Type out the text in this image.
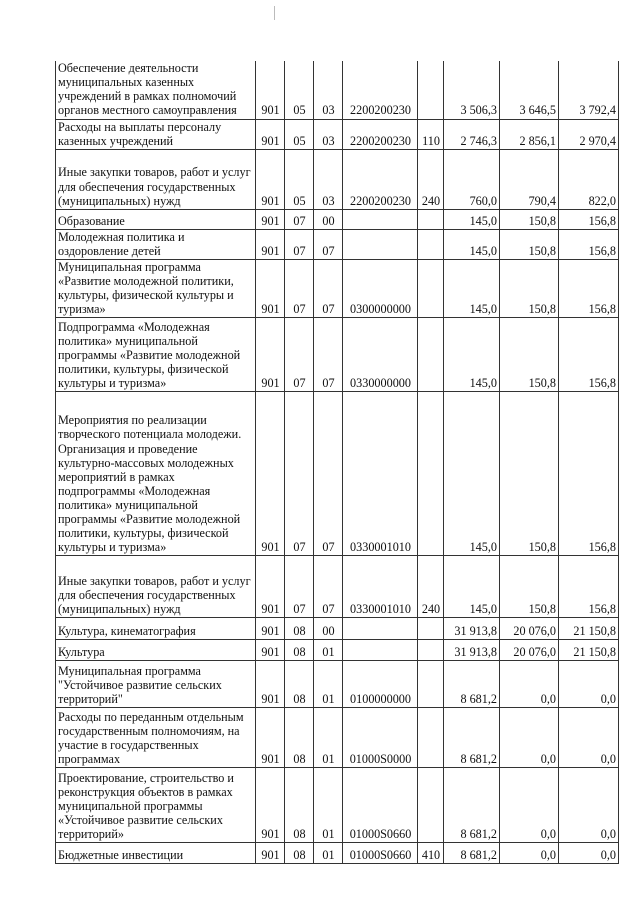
Обеспечение деятельности муниципальных казенных учреждений в рамках полномочий органов местного самоуправления	901	05	03	2200200230		3 506,3	3 646,5	3 792,4
Расходы на выплаты персоналу казенных учреждений	901	05	03	2200200230	110	2 746,3	2 856,1	2 970,4
Иные закупки товаров, работ и услуг для обеспечения государственных (муниципальных) нужд	901	05	03	2200200230	240	760,0	790,4	822,0
Образование	901	07	00			145,0	150,8	156,8
Молодежная политика и оздоровление детей	901	07	07			145,0	150,8	156,8
Муниципальная программа «Развитие молодежной политики, культуры, физической культуры и туризма»	901	07	07	0300000000		145,0	150,8	156,8
Подпрограмма «Молодежная политика» муниципальной программы «Развитие молодежной политики, культуры, физической культуры и туризма»	901	07	07	0330000000		145,0	150,8	156,8
Мероприятия по реализации творческого потенциала молодежи. Организация и проведение культурно-массовых молодежных мероприятий в рамках подпрограммы «Молодежная политика» муниципальной программы «Развитие молодежной политики, культуры, физической культуры и туризма»	901	07	07	0330001010		145,0	150,8	156,8
Иные закупки товаров, работ и услуг для обеспечения государственных (муниципальных) нужд	901	07	07	0330001010	240	145,0	150,8	156,8
Культура, кинематография	901	08	00			31 913,8	20 076,0	21 150,8
Культура	901	08	01			31 913,8	20 076,0	21 150,8
Муниципальная программа "Устойчивое развитие сельских территорий"	901	08	01	0100000000		8 681,2	0,0	0,0
Расходы по переданным отдельным государственным полномочиям, на участие в государственных программах	901	08	01	01000S0000		8 681,2	0,0	0,0
Проектирование, строительство и реконструкция объектов в рамках муниципальной программы «Устойчивое развитие сельских территорий»	901	08	01	01000S0660		8 681,2	0,0	0,0
Бюджетные инвестиции	901	08	01	01000S0660	410	8 681,2	0,0	0,0
